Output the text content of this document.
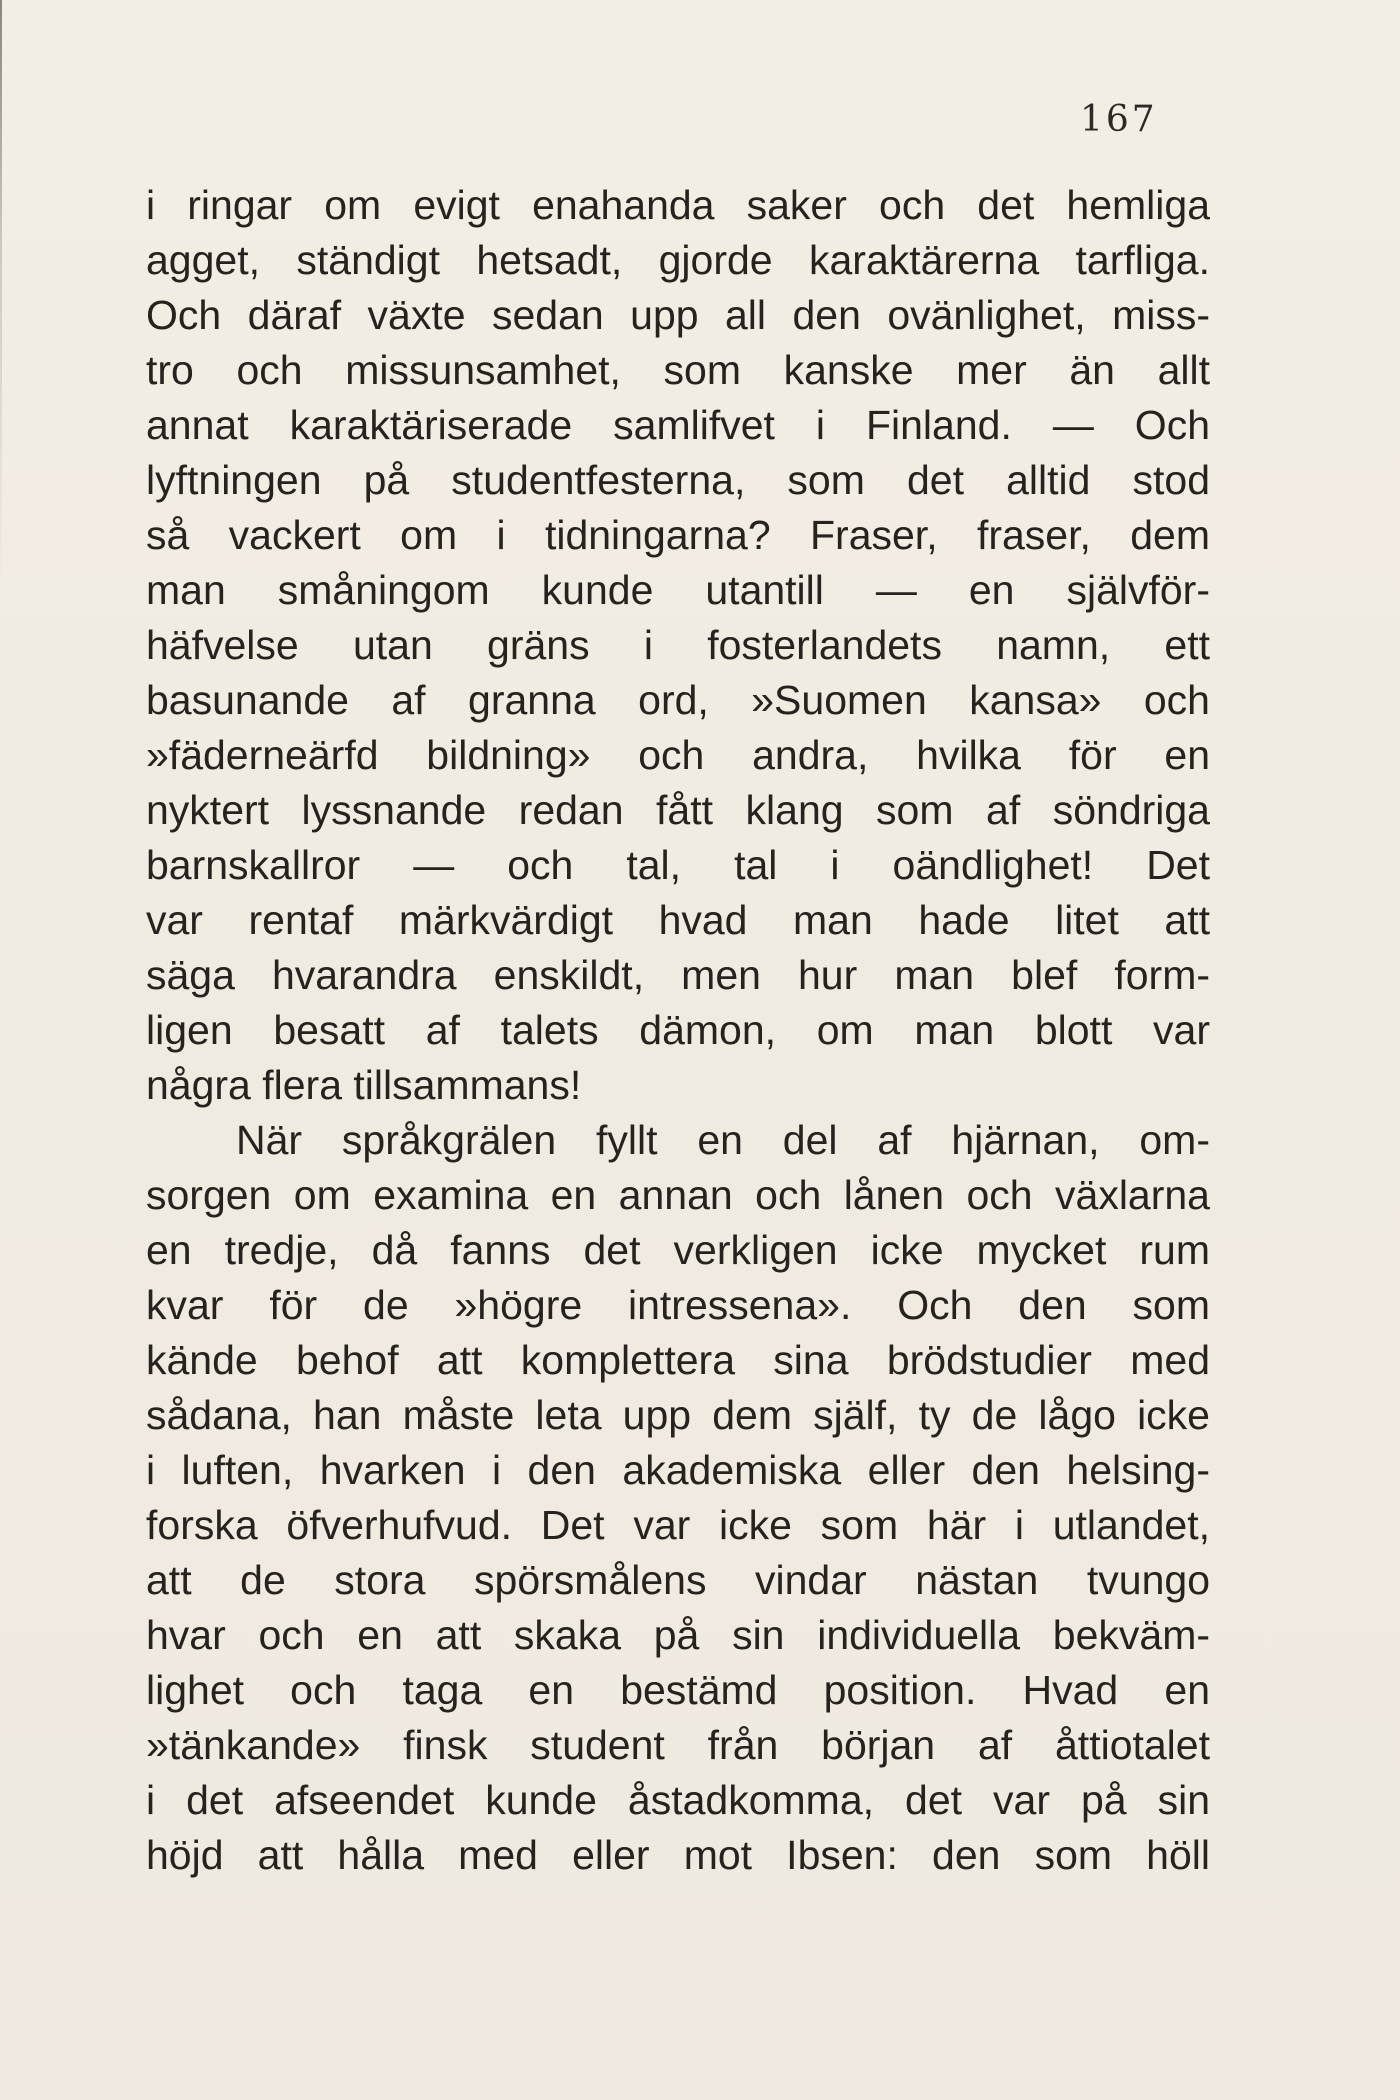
167
i ringar om evigt enahanda saker och det hemliga
agget, ständigt hetsadt, gjorde karaktärerna tarfliga.
Och däraf växte sedan upp all den ovänlighet, miss-
tro och missunsamhet, som kanske mer än allt
annat karaktäriserade samlifvet i Finland. — Och
lyftningen på studentfesterna, som det alltid stod
så vackert om i tidningarna? Fraser, fraser, dem
man småningom kunde utantill — en självför-
häfvelse utan gräns i fosterlandets namn, ett
basunande af granna ord, »Suomen kansa» och
»fäderneärfd bildning» och andra, hvilka för en
nyktert lyssnande redan fått klang som af söndriga
barnskallror — och tal, tal i oändlighet! Det
var rentaf märkvärdigt hvad man hade litet att
säga hvarandra enskildt, men hur man blef form-
ligen besatt af talets dämon, om man blott var
några flera tillsammans!
När språkgrälen fyllt en del af hjärnan, om-
sorgen om examina en annan och lånen och växlarna
en tredje, då fanns det verkligen icke mycket rum
kvar för de »högre intressena». Och den som
kände behof att komplettera sina brödstudier med
sådana, han måste leta upp dem själf, ty de lågo icke
i luften, hvarken i den akademiska eller den helsing-
forska öfverhufvud. Det var icke som här i utlandet,
att de stora spörsmålens vindar nästan tvungo
hvar och en att skaka på sin individuella bekväm-
lighet och taga en bestämd position. Hvad en
»tänkande» finsk student från början af åttiotalet
i det afseendet kunde åstadkomma, det var på sin
höjd att hålla med eller mot Ibsen: den som höll
